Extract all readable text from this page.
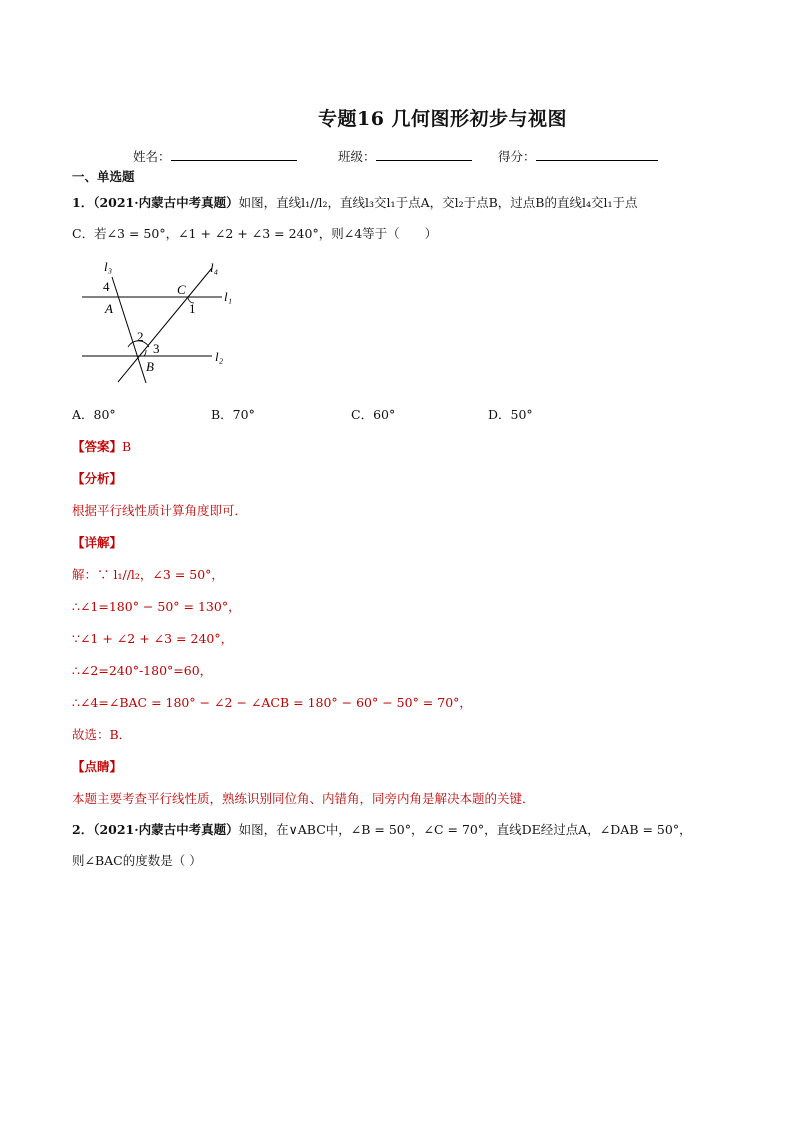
专题16 几何图形初步与视图
姓名：	班级：	得分：
一、单选题
1．（2021·内蒙古中考真题）如图，直线l₁//l₂，直线l₃交l₁于点A，交l₂于点B，过点B的直线l₄交l₁于点
C．若∠3 = 50°，∠1 + ∠2 + ∠3 = 240°，则∠4等于（　　）
l₃	l₄
l₁
l₂
4
A
C
1
2
3
B
A．80°	B．70°	C．60°	D．50°
【答案】B
【分析】
根据平行线性质计算角度即可．
【详解】
解：∵ l₁//l₂，∠3 = 50°，
∴∠1=180° − 50° = 130°，
∵∠1 + ∠2 + ∠3 = 240°，
∴∠2=240°-180°=60，
∴∠4=∠BAC = 180° − ∠2 − ∠ACB = 180° − 60° − 50° = 70°，
故选：B．
【点睛】
本题主要考查平行线性质，熟练识别同位角、内错角，同旁内角是解决本题的关键．
2．（2021·内蒙古中考真题）如图，在∨ABC中，∠B = 50°，∠C = 70°，直线DE经过点A，∠DAB = 50°，
则∠BAC的度数是（ ）
